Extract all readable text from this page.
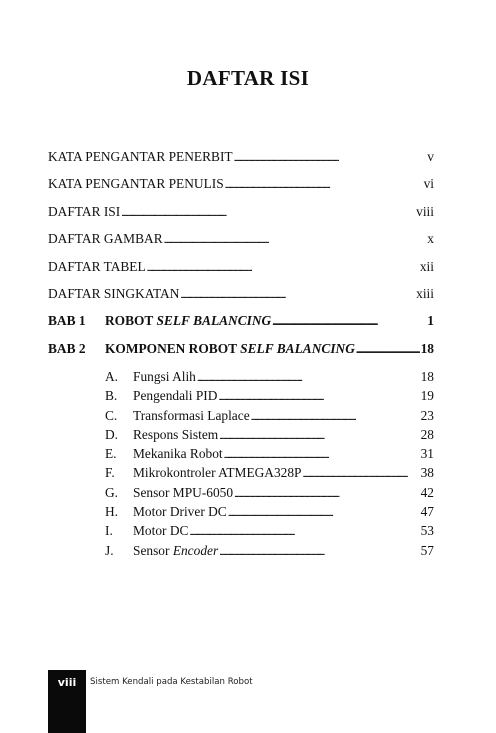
DAFTAR ISI
KATA PENGANTAR PENERBIT . . .	v
KATA PENGANTAR PENULIS . . .	vi
DAFTAR ISI . . .	viii
DAFTAR GAMBAR . . .	x
DAFTAR TABEL . . .	xii
DAFTAR SINGKATAN . . .	xiii
BAB 1 ROBOT SELF BALANCING . . .	1
BAB 2 KOMPONEN ROBOT SELF BALANCING . . .	18
A. Fungsi Alih . . .	18
B. Pengendali PID . . .	19
C. Transformasi Laplace . . .	23
D. Respons Sistem . . .	28
E. Mekanika Robot . . .	31
F. Mikrokontroler ATMEGA328P . . .	38
G. Sensor MPU-6050 . . .	42
H. Motor Driver DC . . .	47
I. Motor DC . . .	53
J. Sensor Encoder . . .	57
viii	Sistem Kendali pada Kestabilan Robot
